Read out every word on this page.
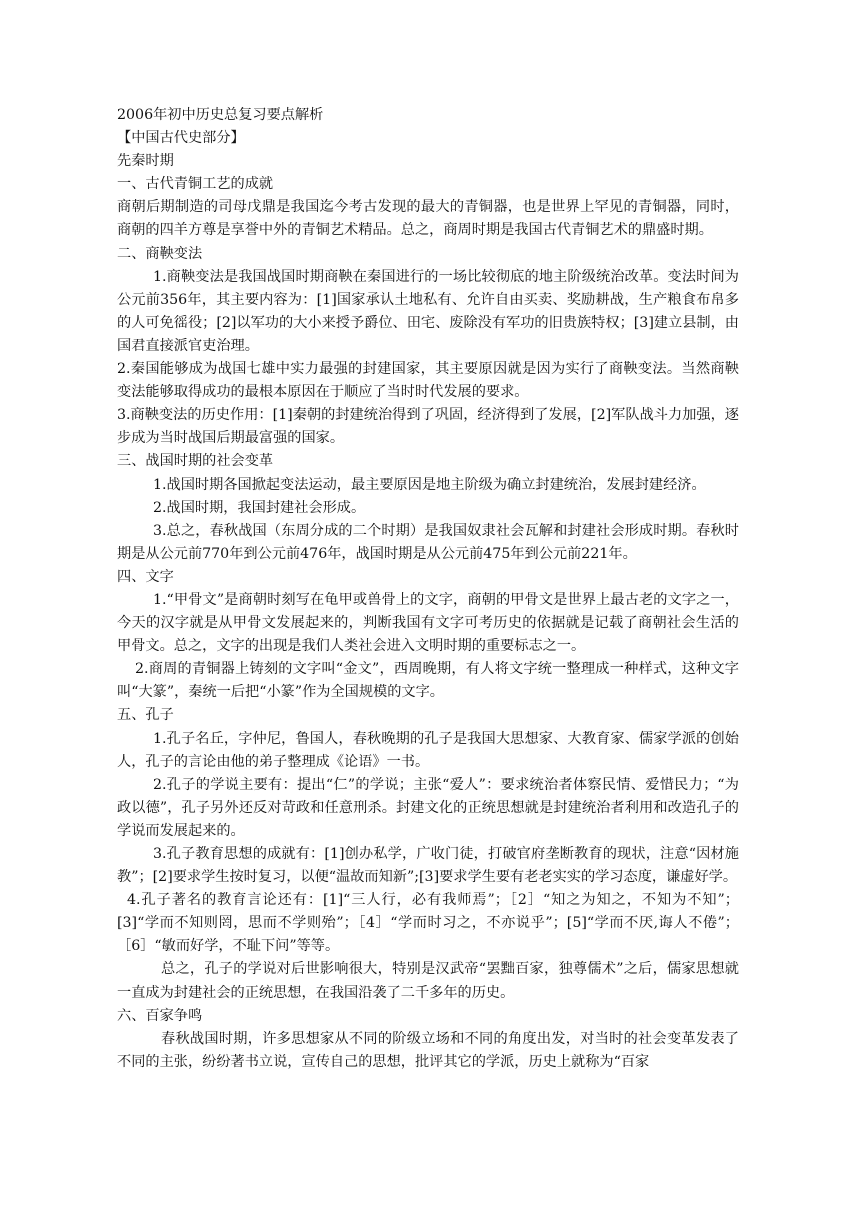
2006年初中历史总复习要点解析

【中国古代史部分】

先秦时期

一、古代青铜工艺的成就

商朝后期制造的司母戊鼎是我国迄今考古发现的最大的青铜器，也是世界上罕见的青铜器，同时，商朝的四羊方尊是享誉中外的青铜艺术精品。总之，商周时期是我国古代青铜艺术的鼎盛时期。

二、商鞅变法

1.商鞅变法是我国战国时期商鞅在秦国进行的一场比较彻底的地主阶级统治改革。变法时间为公元前356年，其主要内容为：[1]国家承认土地私有、允许自由买卖、奖励耕战，生产粮食布帛多的人可免徭役；[2]以军功的大小来授予爵位、田宅、废除没有军功的旧贵族特权；[3]建立县制，由国君直接派官吏治理。

2.秦国能够成为战国七雄中实力最强的封建国家，其主要原因就是因为实行了商鞅变法。当然商鞅变法能够取得成功的最根本原因在于顺应了当时时代发展的要求。

3.商鞅变法的历史作用：[1]秦朝的封建统治得到了巩固，经济得到了发展，[2]军队战斗力加强，逐步成为当时战国后期最富强的国家。

三、战国时期的社会变革

1.战国时期各国掀起变法运动，最主要原因是地主阶级为确立封建统治，发展封建经济。

2.战国时期，我国封建社会形成。

3.总之，春秋战国（东周分成的二个时期）是我国奴隶社会瓦解和封建社会形成时期。春秋时期是从公元前770年到公元前476年，战国时期是从公元前475年到公元前221年。

四、文字

1.“甲骨文”是商朝时刻写在龟甲或兽骨上的文字，商朝的甲骨文是世界上最古老的文字之一，今天的汉字就是从甲骨文发展起来的，判断我国有文字可考历史的依据就是记载了商朝社会生活的甲骨文。总之，文字的出现是我们人类社会进入文明时期的重要标志之一。

2.商周的青铜器上铸刻的文字叫“金文”，西周晚期，有人将文字统一整理成一种样式，这种文字叫“大篆”，秦统一后把“小篆”作为全国规模的文字。

五、孔子

1.孔子名丘，字仲尼，鲁国人，春秋晚期的孔子是我国大思想家、大教育家、儒家学派的创始人，孔子的言论由他的弟子整理成《论语》一书。

2.孔子的学说主要有：提出“仁”的学说；主张“爱人”：要求统治者体察民情、爱惜民力；“为政以德”，孔子另外还反对苛政和任意刑杀。封建文化的正统思想就是封建统治者利用和改造孔子的学说而发展起来的。

3.孔子教育思想的成就有：[1]创办私学，广收门徒，打破官府垄断教育的现状，注意“因材施教”；[2]要求学生按时复习，以便“温故而知新”;[3]要求学生要有老老实实的学习态度，谦虚好学。

4.孔子著名的教育言论还有：[1]“三人行，必有我师焉”；［2］“知之为知之，不知为不知”；[3]“学而不知则罔，思而不学则殆”；［4］“学而时习之，不亦说乎”；[5]“学而不厌,诲人不倦”；［6］“敏而好学，不耻下问”等等。

总之，孔子的学说对后世影响很大，特别是汉武帝“罢黜百家，独尊儒术”之后，儒家思想就一直成为封建社会的正统思想，在我国沿袭了二千多年的历史。

六、百家争鸣

春秋战国时期，许多思想家从不同的阶级立场和不同的角度出发，对当时的社会变革发表了不同的主张，纷纷著书立说，宣传自己的思想，批评其它的学派，历史上就称为“百家
